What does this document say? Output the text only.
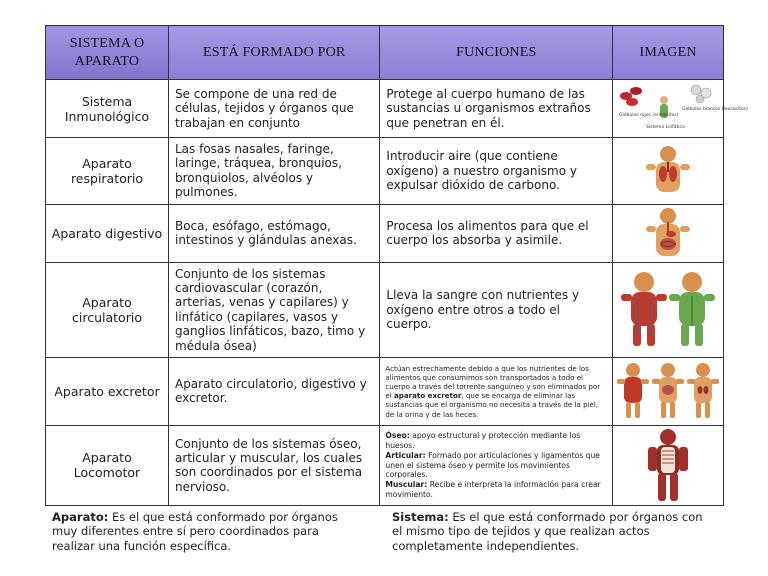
SISTEMA O APARATO	ESTÁ FORMADO POR	FUNCIONES	IMAGEN
Sistema Inmunológico	Se compone de una red de células, tejidos y órganos que trabajan en conjunto	Protege al cuerpo humano de las sustancias u organismos extraños que penetran en él.	Glóbulos rojos (eritrocitos)
Glóbulos blancos (leucocitos)
Sistema Linfático

Aparato respiratorio	Las fosas nasales, faringe, laringe, tráquea, bronquios, bronquiolos, alvéolos y pulmones.	Introducir aire (que contiene oxígeno) a nuestro organismo y expulsar dióxido de carbono.	

Aparato digestivo	Boca, esófago, estómago, intestinos y glándulas anexas.	Procesa los alimentos para que el cuerpo los absorba y asimile.	

Aparato circulatorio	Conjunto de los sistemas cardiovascular (corazón, arterias, venas y capilares) y linfático (capilares, vasos y ganglios linfáticos, bazo, timo y médula ósea)	Lleva la sangre con nutrientes y oxígeno entre otros a todo el cuerpo.	

Aparato excretor	Aparato circulatorio, digestivo y excretor.	Actúan estrechamente debido a que los nutrientes de los alimentos que consumimos son transportados a todo el cuerpo a través del torrente sanguíneo y son eliminados por el aparato excretor, que se encarga de eliminar las sustancias que el organismo no necesita a través de la piel, de la orina y de las heces.	

Aparato Locomotor	Conjunto de los sistemas óseo, articular y muscular, los cuales son coordinados por el sistema nervioso.	Óseo: apoyo estructural y protección mediante los huesos.
Articular: Formado por articulaciones y ligamentos que unen el sistema óseo y permite los movimientos corporales.
Muscular: Recibe e interpreta la información para crear movimiento.

Aparato: Es el que está conformado por órganos muy diferentes entre sí pero coordinados para realizar una función específica.
Sistema: Es el que está conformado por órganos con el mismo tipo de tejidos y que realizan actos completamente independientes.
